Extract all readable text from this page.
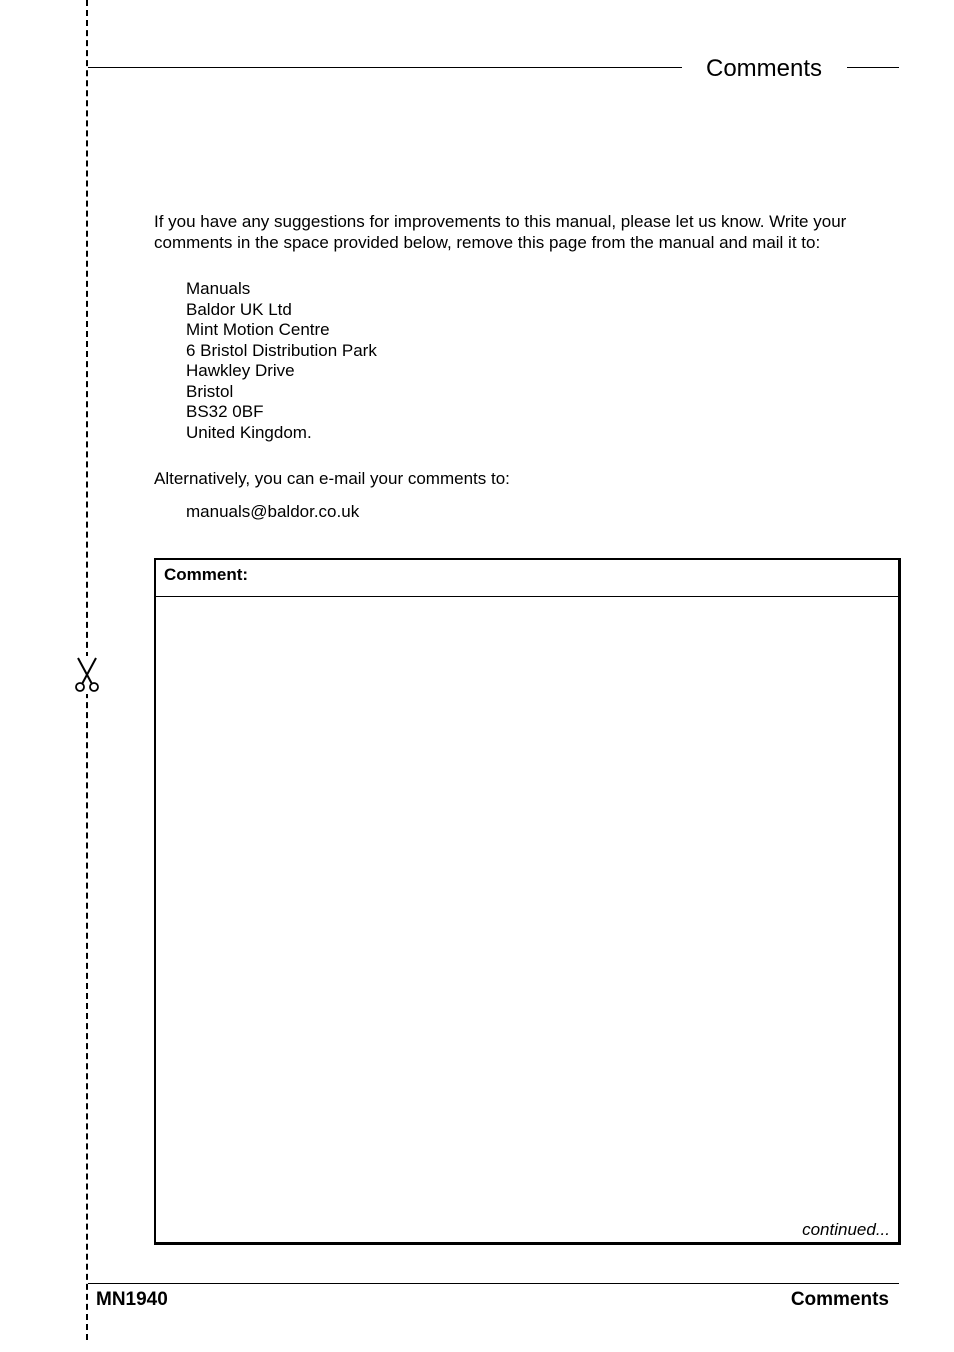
Comments
If you have any suggestions for improvements to this manual, please let us know. Write your comments in the space provided below, remove this page from the manual and mail it to:
Manuals
Baldor UK Ltd
Mint Motion Centre
6 Bristol Distribution Park
Hawkley Drive
Bristol
BS32 0BF
United Kingdom.
Alternatively, you can e-mail your comments to:
manuals@baldor.co.uk
Comment:
continued...
MN1940	Comments
